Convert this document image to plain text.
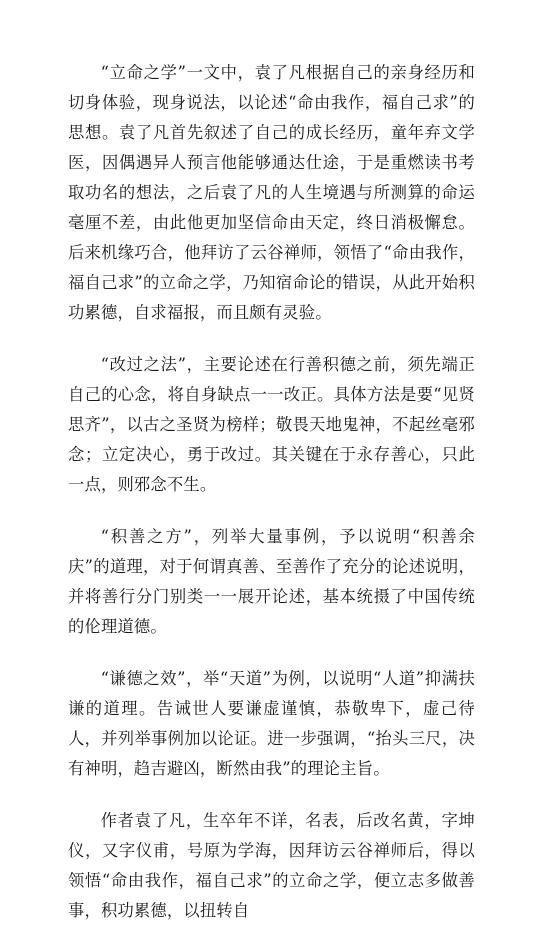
“立命之学”一文中，袁了凡根据自己的亲身经历和切身体验，现身说法，以论述“命由我作，福自己求”的思想。袁了凡首先叙述了自己的成长经历，童年弃文学医，因偶遇异人预言他能够通达仕途，于是重燃读书考取功名的想法，之后袁了凡的人生境遇与所测算的命运毫厘不差，由此他更加坚信命由天定，终日消极懈怠。后来机缘巧合，他拜访了云谷禅师，领悟了“命由我作，福自己求”的立命之学，乃知宿命论的错误，从此开始积功累德，自求福报，而且颇有灵验。

“改过之法”，主要论述在行善积德之前，须先端正自己的心念，将自身缺点一一改正。具体方法是要“见贤思齐”，以古之圣贤为榜样；敬畏天地鬼神，不起丝毫邪念；立定决心，勇于改过。其关键在于永存善心，只此一点，则邪念不生。

“积善之方”，列举大量事例，予以说明“积善余庆”的道理，对于何谓真善、至善作了充分的论述说明，并将善行分门别类一一展开论述，基本统摄了中国传统的伦理道德。

“谦德之效”，举“天道”为例，以说明“人道”抑满扶谦的道理。告诫世人要谦虚谨慎，恭敬卑下，虚己待人，并列举事例加以论证。进一步强调，“抬头三尺，决有神明，趋吉避凶，断然由我”的理论主旨。

作者袁了凡，生卒年不详，名表，后改名黄，字坤仪，又字仪甫，号原为学海，因拜访云谷禅师后，得以领悟“命由我作，福自己求”的立命之学，便立志多做善事，积功累德，以扭转自
